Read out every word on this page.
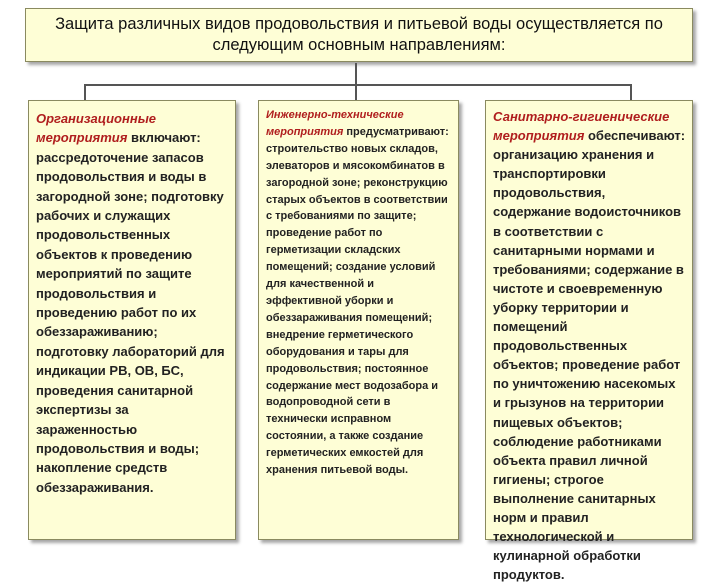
Защита различных видов продовольствия и питьевой воды осуществляется по следующим основным направлениям:

Организационные мероприятия включают: рассредоточение запасов продовольствия и воды в загородной зоне; подготовку рабочих и служащих продовольственных объектов к проведению мероприятий по защите продовольствия и проведению работ по их обеззараживанию; подготовку лабораторий для индикации РВ, ОВ, БС, проведения санитарной экспертизы за зараженностью продовольствия и воды; накопление средств обеззараживания.

Инженерно-технические мероприятия предусматривают: строительство новых складов, элеваторов и мясокомбинатов в загородной зоне; реконструкцию старых объектов в соответствии с требованиями по защите; проведение работ по герметизации складских помещений; создание условий для качественной и эффективной уборки и обеззараживания помещений; внедрение герметического оборудования и тары для продовольствия; постоянное содержание мест водозабора и водопроводной сети в технически исправном состоянии, а также создание герметических емкостей для хранения питьевой воды.

Санитарно-гигиенические мероприятия обеспечивают: организацию хранения и транспортировки продовольствия, содержание водоисточников в соответствии с санитарными нормами и требованиями; содержание в чистоте и своевременную уборку территории и помещений продовольственных объектов; проведение работ по уничтожению насекомых и грызунов на территории пищевых объектов; соблюдение работниками объекта правил личной гигиены; строгое выполнение санитарных норм и правил технологической и кулинарной обработки продуктов.
